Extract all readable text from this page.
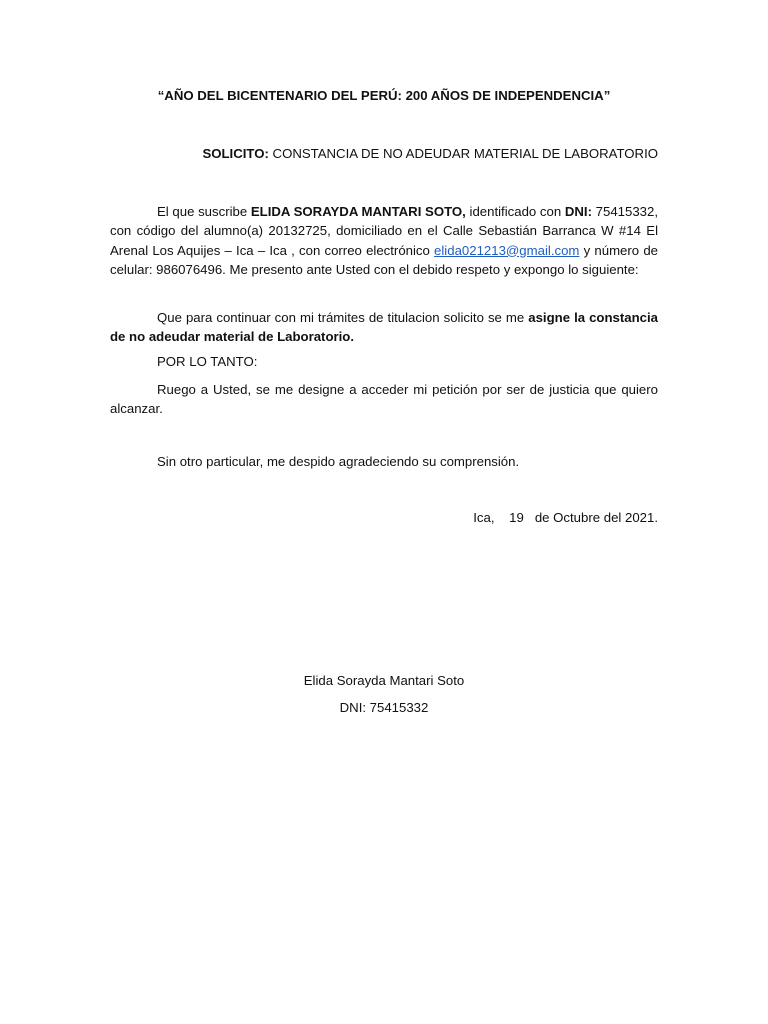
“AÑO DEL BICENTENARIO DEL PERÚ: 200 AÑOS DE INDEPENDENCIA”

SOLICITO: CONSTANCIA DE NO ADEUDAR MATERIAL DE LABORATORIO

El que suscribe ELIDA SORAYDA MANTARI SOTO, identificado con DNI: 75415332, con código del alumno(a) 20132725, domiciliado en el Calle Sebastián Barranca W #14 El Arenal Los Aquijes – Ica – Ica , con correo electrónico elida021213@gmail.com y número de celular: 986076496. Me presento ante Usted con el debido respeto y expongo lo siguiente:

Que para continuar con mi trámites de titulacion solicito se me asigne la constancia de no adeudar material de Laboratorio.

POR LO TANTO:

Ruego a Usted, se me designe a acceder mi petición por ser de justicia que quiero alcanzar.

Sin otro particular, me despido agradeciendo su comprensión.

Ica, 19 de Octubre del 2021.

Elida Sorayda Mantari Soto

DNI: 75415332
